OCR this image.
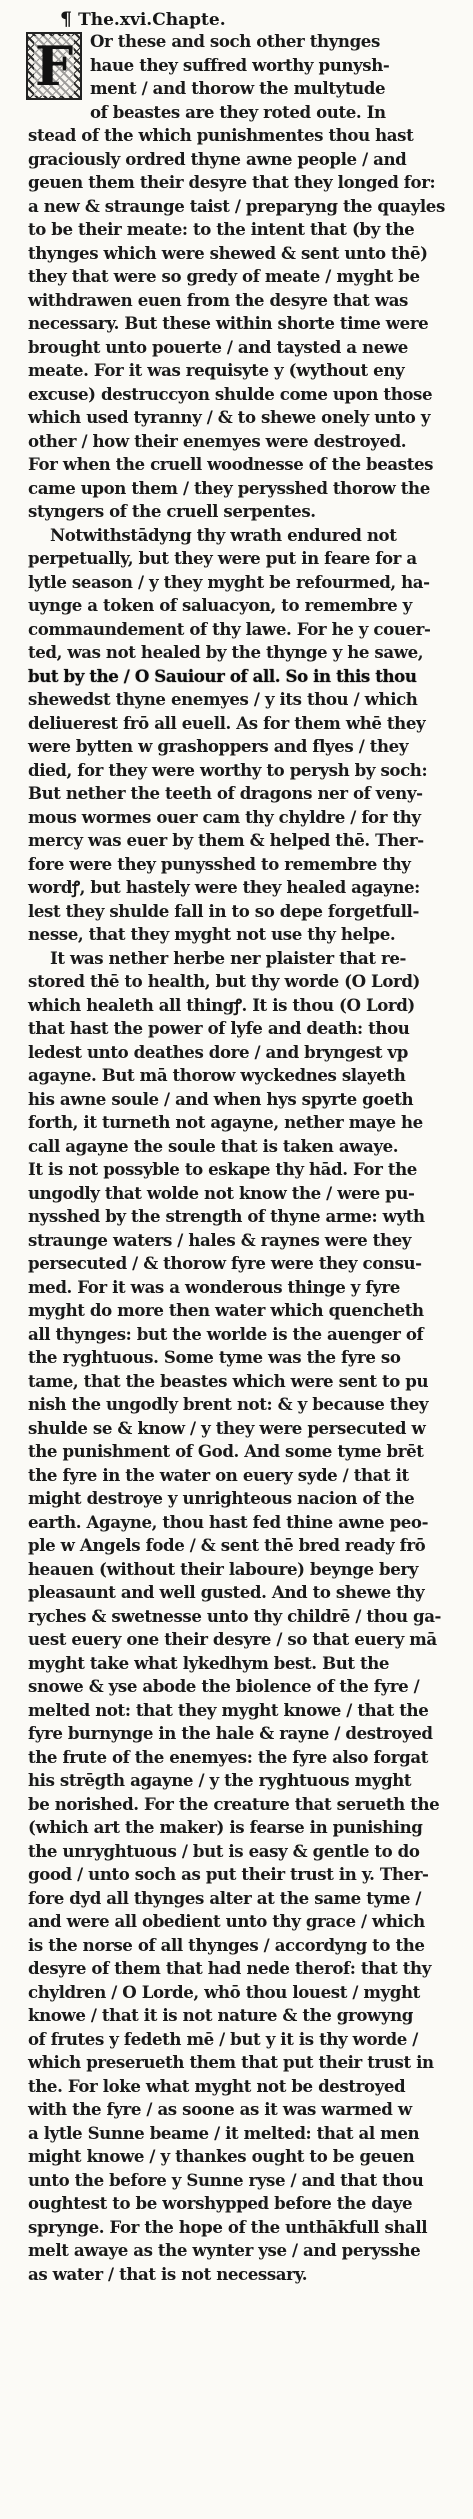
¶ The.xvi.Chapte.
F	Or these and soch other thynges
haue they suffred worthy punysh-
ment / and thorow the multytude
of beastes are they roted oute. In
stead of the which punishmentes thou hast
graciously ordred thyne awne people / and
geuen them their desyre that they longed for:
a new & straunge taist / preparyng the quayles
to be their meate: to the intent that (by the
thynges which were shewed & sent unto thē)
they that were so gredy of meate / myght be
withdrawen euen from the desyre that was
necessary. But these within shorte time were
brought unto pouerte / and taysted a newe
meate. For it was requisyte y (wythout eny
excuse) destruccyon shulde come upon those
which used tyranny / & to shewe onely unto y
other / how their enemyes were destroyed.
For when the cruell woodnesse of the beastes
came upon them / they perysshed thorow the
styngers of the cruell serpentes.
Notwithstādyng thy wrath endured not
perpetually, but they were put in feare for a
lytle season / y they myght be refourmed, ha-
uynge a token of saluacyon, to remembre y
commaundement of thy lawe. For he y couer-
ted, was not healed by the thynge y he sawe,
but by the / O Sauiour of all. So in this thou
shewedst thyne enemyes / y its thou / which
deliuerest frō all euell. As for them whē they
were bytten w grashoppers and flyes / they
died, for they were worthy to perysh by soch:
But nether the teeth of dragons ner of veny-
mous wormes ouer cam thy chyldre / for thy
mercy was euer by them & helped thē. Ther-
fore were they punysshed to remembre thy
wordꝭ, but hastely were they healed agayne:
lest they shulde fall in to so depe forgetfull-
nesse, that they myght not use thy helpe.
It was nether herbe ner plaister that re-
stored thē to health, but thy worde (O Lord)
which healeth all thingꝭ. It is thou (O Lord)
that hast the power of lyfe and death: thou
ledest unto deathes dore / and bryngest vp
agayne. But mā thorow wyckednes slayeth
his awne soule / and when hys spyrte goeth
forth, it turneth not agayne, nether maye he
call agayne the soule that is taken awaye.
It is not possyble to eskape thy hād. For the
ungodly that wolde not know the / were pu-
nysshed by the strength of thyne arme: wyth
straunge waters / hales & raynes were they
persecuted / & thorow fyre were they consu-
med. For it was a wonderous thinge y fyre
myght do more then water which quencheth
all thynges: but the worlde is the auenger of
the ryghtuous. Some tyme was the fyre so
tame, that the beastes which were sent to pu
nish the ungodly brent not: & y because they
shulde se & know / y they were persecuted w
the punishment of God. And some tyme brēt
the fyre in the water on euery syde / that it
might destroye y unrighteous nacion of the
earth. Agayne, thou hast fed thine awne peo-
ple w Angels fode / & sent thē bred ready frō
heauen (without their laboure) beynge bery
pleasaunt and well gusted. And to shewe thy
ryches & swetnesse unto thy childrē / thou ga-
uest euery one their desyre / so that euery mā
myght take what lykedhym best. But the
snowe & yse abode the biolence of the fyre /
melted not: that they myght knowe / that the
fyre burnynge in the hale & rayne / destroyed
the frute of the enemyes: the fyre also forgat
his strēgth agayne / y the ryghtuous myght
be norished. For the creature that serueth the
(which art the maker) is fearse in punishing
the unryghtuous / but is easy & gentle to do
good / unto soch as put their trust in y. Ther-
fore dyd all thynges alter at the same tyme /
and were all obedient unto thy grace / which
is the norse of all thynges / accordyng to the
desyre of them that had nede therof: that thy
chyldren / O Lorde, whō thou louest / myght
knowe / that it is not nature & the growyng
of frutes y fedeth mē / but y it is thy worde /
which preserueth them that put their trust in
the. For loke what myght not be destroyed
with the fyre / as soone as it was warmed w
a lytle Sunne beame / it melted: that al men
might knowe / y thankes ought to be geuen
unto the before y Sunne ryse / and that thou
oughtest to be worshypped before the daye
sprynge. For the hope of the unthākfull shall
melt awaye as the wynter yse / and perysshe
as water / that is not necessary.
